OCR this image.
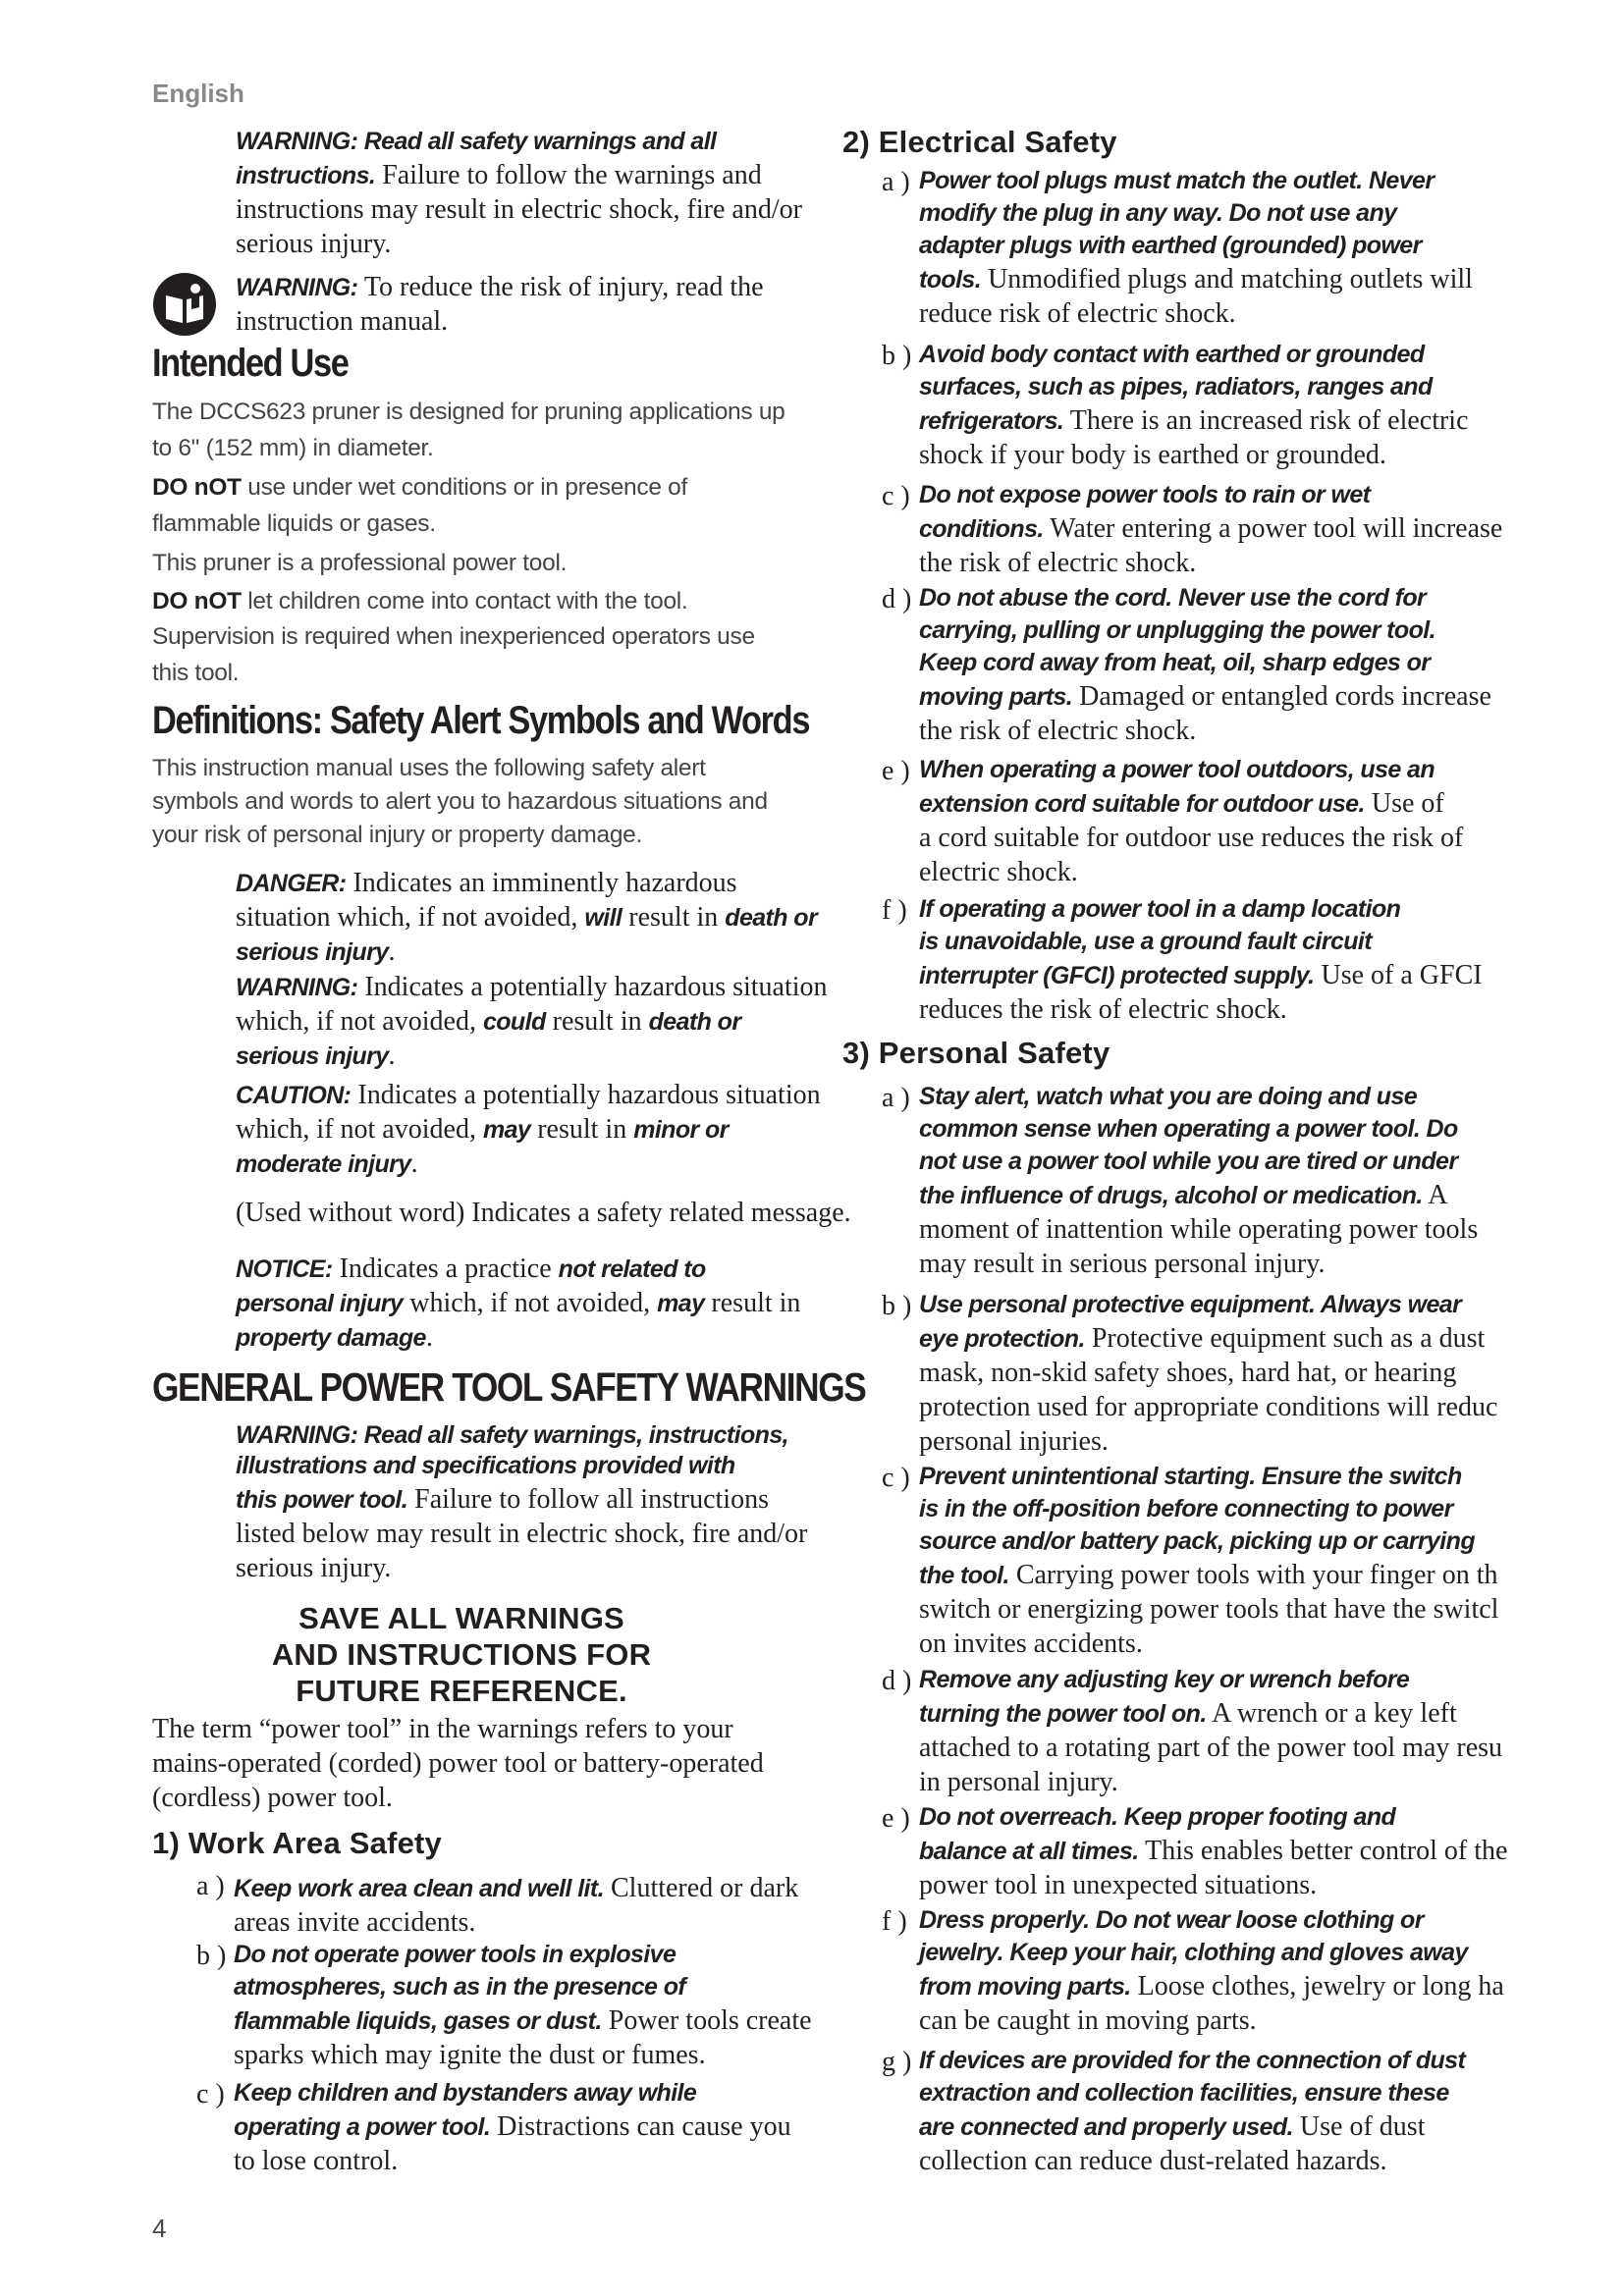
English
WARNING: Read all safety warnings and all
instructions. Failure to follow the warnings and
instructions may result in electric shock, fire and/or
serious injury.
WARNING: To reduce the risk of injury, read the
instruction manual.
Intended Use
The DCCS623 pruner is designed for pruning applications up
to 6" (152 mm) in diameter.
DO nOT use under wet conditions or in presence of
flammable liquids or gases.
This pruner is a professional power tool.
DO nOT let children come into contact with the tool.
Supervision is required when inexperienced operators use
this tool.
Definitions: Safety Alert Symbols and Words
This instruction manual uses the following safety alert
symbols and words to alert you to hazardous situations and
your risk of personal injury or property damage.
DANGER: Indicates an imminently hazardous
situation which, if not avoided, will result in death or
serious injury.
WARNING: Indicates a potentially hazardous situation
which, if not avoided, could result in death or
serious injury.
CAUTION: Indicates a potentially hazardous situation
which, if not avoided, may result in minor or
moderate injury.
(Used without word) Indicates a safety related message.
NOTICE: Indicates a practice not related to
personal injury which, if not avoided, may result in
property damage.
GENERAL POWER TOOL SAFETY WARNINGS
WARNING: Read all safety warnings, instructions,
illustrations and specifications provided with
this power tool. Failure to follow all instructions
listed below may result in electric shock, fire and/or
serious injury.
SAVE ALL WARNINGS
AND INSTRUCTIONS FOR
FUTURE REFERENCE.
The term “power tool” in the warnings refers to your
mains-operated (corded) power tool or battery-operated
(cordless) power tool.
1) Work Area Safety
a ) Keep work area clean and well lit. Cluttered or dark
areas invite accidents.
b ) Do not operate power tools in explosive
atmospheres, such as in the presence of
flammable liquids, gases or dust. Power tools create
sparks which may ignite the dust or fumes.
c ) Keep children and bystanders away while
operating a power tool. Distractions can cause you
to lose control.
4
2) Electrical Safety
a ) Power tool plugs must match the outlet. Never
modify the plug in any way. Do not use any
adapter plugs with earthed (grounded) power
tools. Unmodified plugs and matching outlets will
reduce risk of electric shock.
b ) Avoid body contact with earthed or grounded
surfaces, such as pipes, radiators, ranges and
refrigerators. There is an increased risk of electric
shock if your body is earthed or grounded.
c ) Do not expose power tools to rain or wet
conditions. Water entering a power tool will increase
the risk of electric shock.
d ) Do not abuse the cord. Never use the cord for
carrying, pulling or unplugging the power tool.
Keep cord away from heat, oil, sharp edges or
moving parts. Damaged or entangled cords increase
the risk of electric shock.
e ) When operating a power tool outdoors, use an
extension cord suitable for outdoor use. Use of
a cord suitable for outdoor use reduces the risk of
electric shock.
f ) If operating a power tool in a damp location
is unavoidable, use a ground fault circuit
interrupter (GFCI) protected supply. Use of a GFCI
reduces the risk of electric shock.
3) Personal Safety
a ) Stay alert, watch what you are doing and use
common sense when operating a power tool. Do
not use a power tool while you are tired or under
the influence of drugs, alcohol or medication. A
moment of inattention while operating power tools
may result in serious personal injury.
b ) Use personal protective equipment. Always wear
eye protection. Protective equipment such as a dust
mask, non-skid safety shoes, hard hat, or hearing
protection used for appropriate conditions will reduc
personal injuries.
c ) Prevent unintentional starting. Ensure the switch
is in the off-position before connecting to power
source and/or battery pack, picking up or carrying
the tool. Carrying power tools with your finger on th
switch or energizing power tools that have the switcl
on invites accidents.
d ) Remove any adjusting key or wrench before
turning the power tool on. A wrench or a key left
attached to a rotating part of the power tool may resu
in personal injury.
e ) Do not overreach. Keep proper footing and
balance at all times. This enables better control of the
power tool in unexpected situations.
f ) Dress properly. Do not wear loose clothing or
jewelry. Keep your hair, clothing and gloves away
from moving parts. Loose clothes, jewelry or long ha
can be caught in moving parts.
g ) If devices are provided for the connection of dust
extraction and collection facilities, ensure these
are connected and properly used. Use of dust
collection can reduce dust-related hazards.
